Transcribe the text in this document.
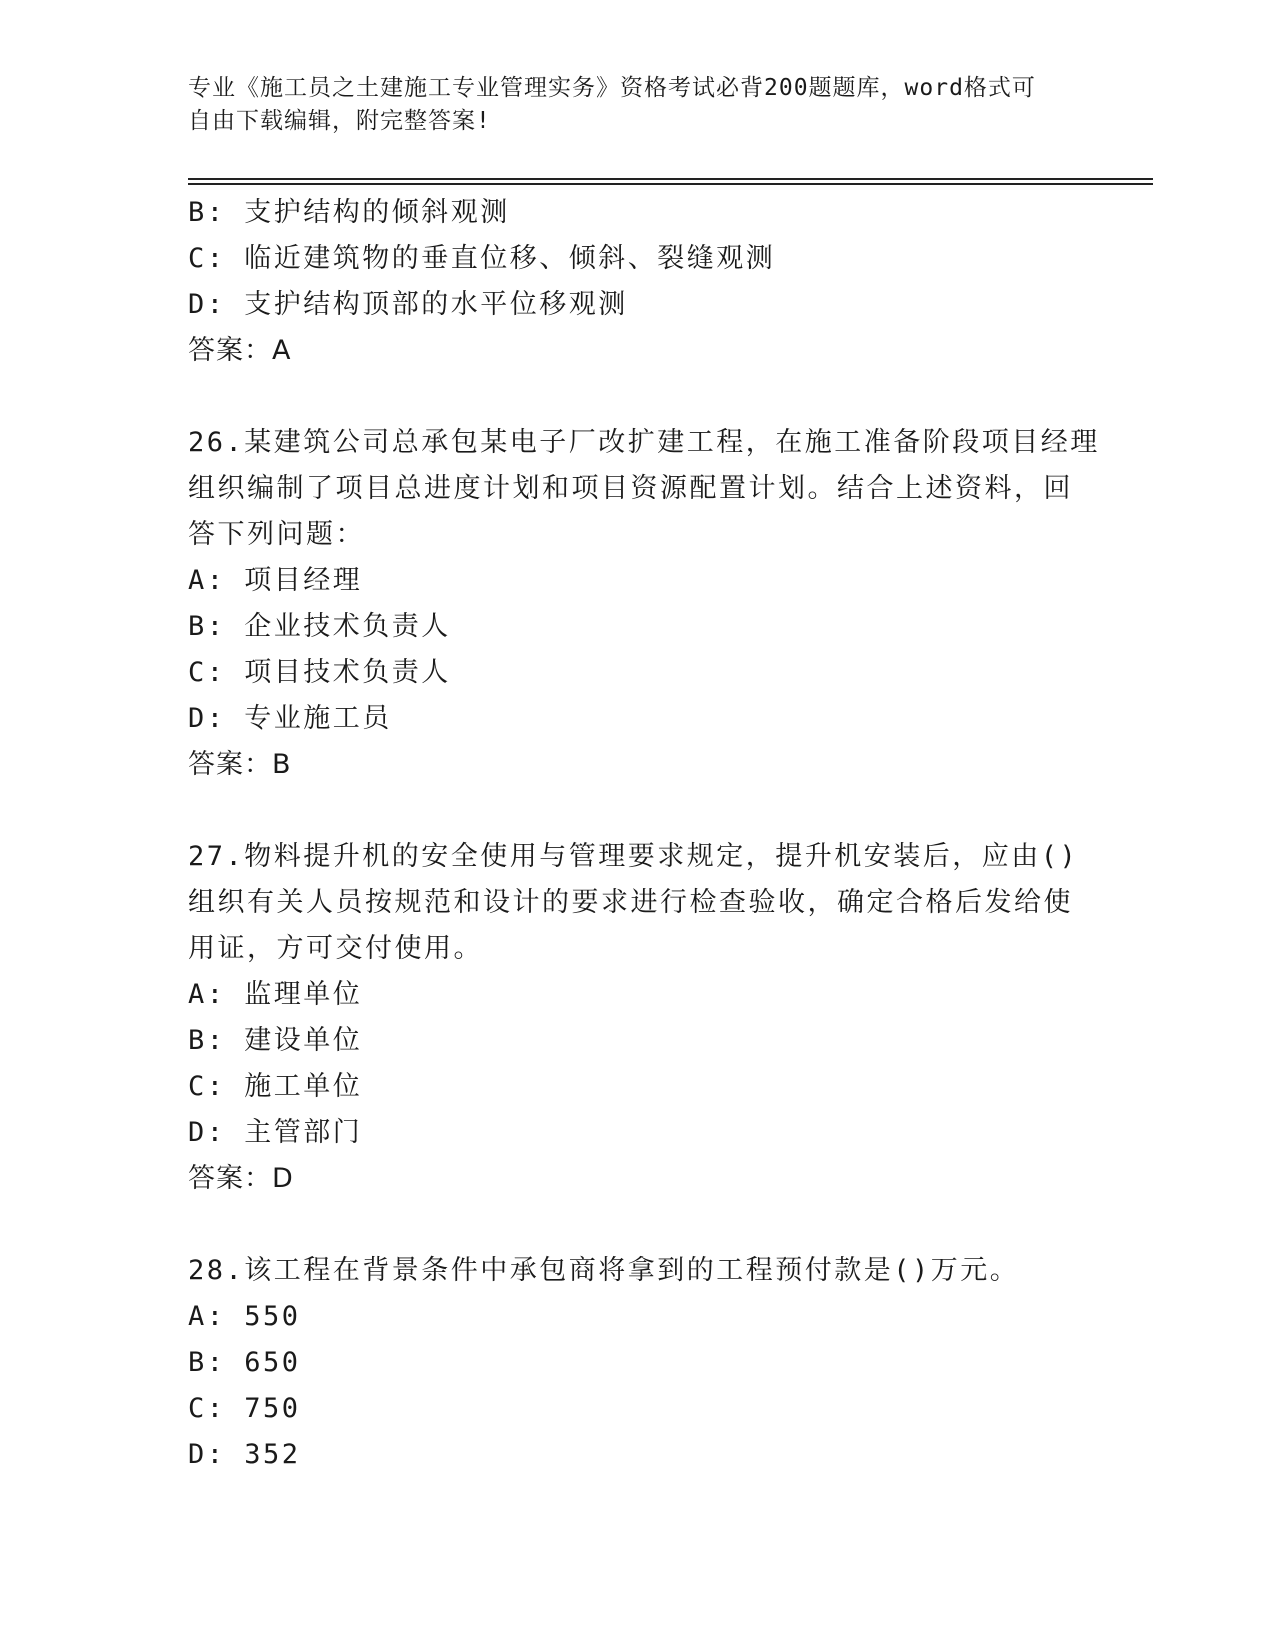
专业《施工员之土建施工专业管理实务》资格考试必背200题题库，word格式可
自由下载编辑，附完整答案!
B: 支护结构的倾斜观测
C: 临近建筑物的垂直位移、倾斜、裂缝观测
D: 支护结构顶部的水平位移观测
答案：A
26.某建筑公司总承包某电子厂改扩建工程，在施工准备阶段项目经理
组织编制了项目总进度计划和项目资源配置计划。结合上述资料，回
答下列问题：
A: 项目经理
B: 企业技术负责人
C: 项目技术负责人
D: 专业施工员
答案：B
27.物料提升机的安全使用与管理要求规定，提升机安装后，应由()
组织有关人员按规范和设计的要求进行检查验收，确定合格后发给使
用证，方可交付使用。
A: 监理单位
B: 建设单位
C: 施工单位
D: 主管部门
答案：D
28.该工程在背景条件中承包商将拿到的工程预付款是()万元。
A: 550
B: 650
C: 750
D: 352
